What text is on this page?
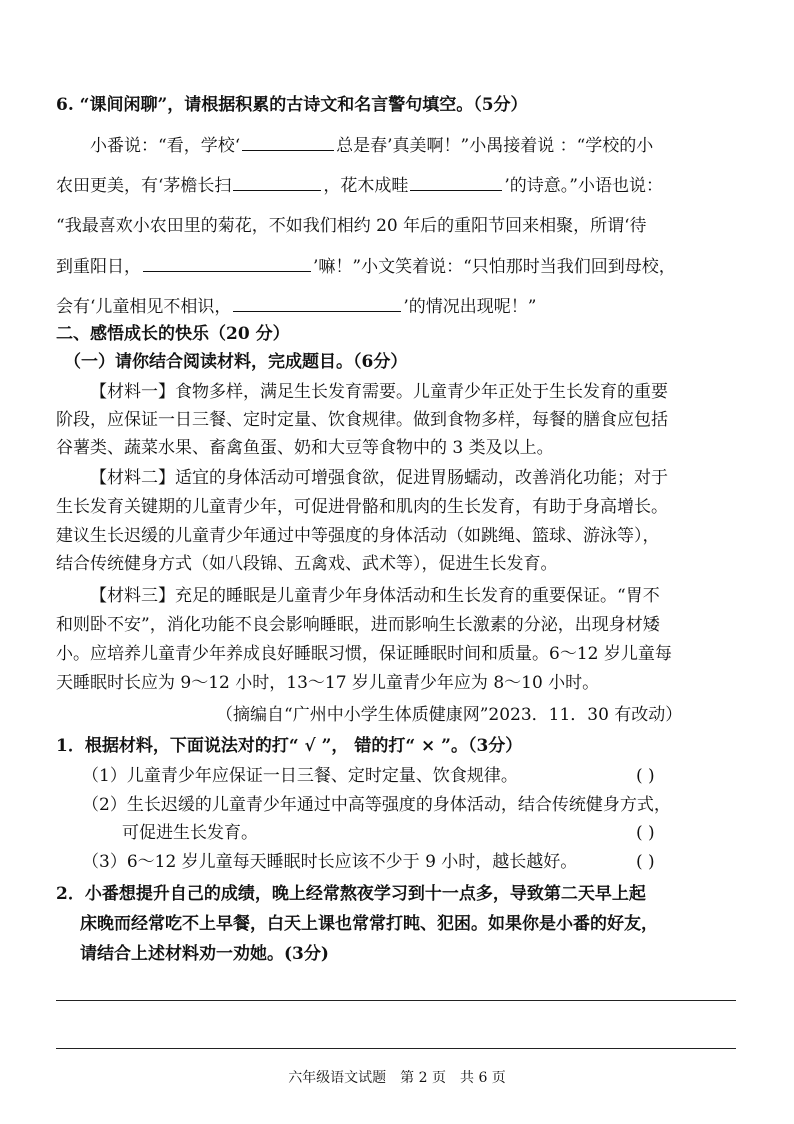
6. “课间闲聊”，请根据积累的古诗文和名言警句填空。（5分）
小番说：“看，学校‘	总是春’真美啊！”小禺接着说 ：“学校的小
农田更美，有‘茅檐长扫	，花木成畦	’的诗意。”小语也说：
“我最喜欢小农田里的菊花，不如我们相约 20 年后的重阳节回来相聚，所谓‘待
到重阳日，	’嘛！”小文笑着说：“只怕那时当我们回到母校，
会有‘儿童相见不相识，	’的情况出现呢！”
二、感悟成长的快乐（20 分）
（一）请你结合阅读材料，完成题目。（6分）
【材料一】食物多样，满足生长发育需要。儿童青少年正处于生长发育的重要
阶段，应保证一日三餐、定时定量、饮食规律。做到食物多样，每餐的膳食应包括
谷薯类、蔬菜水果、畜禽鱼蛋、奶和大豆等食物中的 3 类及以上。
【材料二】适宜的身体活动可增强食欲，促进胃肠蠕动，改善消化功能；对于
生长发育关键期的儿童青少年，可促进骨骼和肌肉的生长发育，有助于身高增长。
建议生长迟缓的儿童青少年通过中等强度的身体活动（如跳绳、篮球、游泳等），
结合传统健身方式（如八段锦、五禽戏、武术等），促进生长发育。
【材料三】充足的睡眠是儿童青少年身体活动和生长发育的重要保证。“胃不
和则卧不安”，消化功能不良会影响睡眠，进而影响生长激素的分泌，出现身材矮
小。应培养儿童青少年养成良好睡眠习惯，保证睡眠时间和质量。6～12 岁儿童每
天睡眠时长应为 9～12 小时，13～17 岁儿童青少年应为 8～10 小时。
（摘编自“广州中小学生体质健康网”2023．11．30 有改动）
1．根据材料，下面说法对的打“ √ ”， 错的打“ × ”。（3分）
（1）儿童青少年应保证一日三餐、定时定量、饮食规律。	( )
（2）生长迟缓的儿童青少年通过中高等强度的身体活动，结合传统健身方式，
可促进生长发育。	( )
（3）6～12 岁儿童每天睡眠时长应该不少于 9 小时，越长越好。	( )
2．小番想提升自己的成绩，晚上经常熬夜学习到十一点多，导致第二天早上起
床晚而经常吃不上早餐，白天上课也常常打盹、犯困。如果你是小番的好友，
请结合上述材料劝一劝她。(3分)
六年级语文试题　第 2 页　共 6 页
